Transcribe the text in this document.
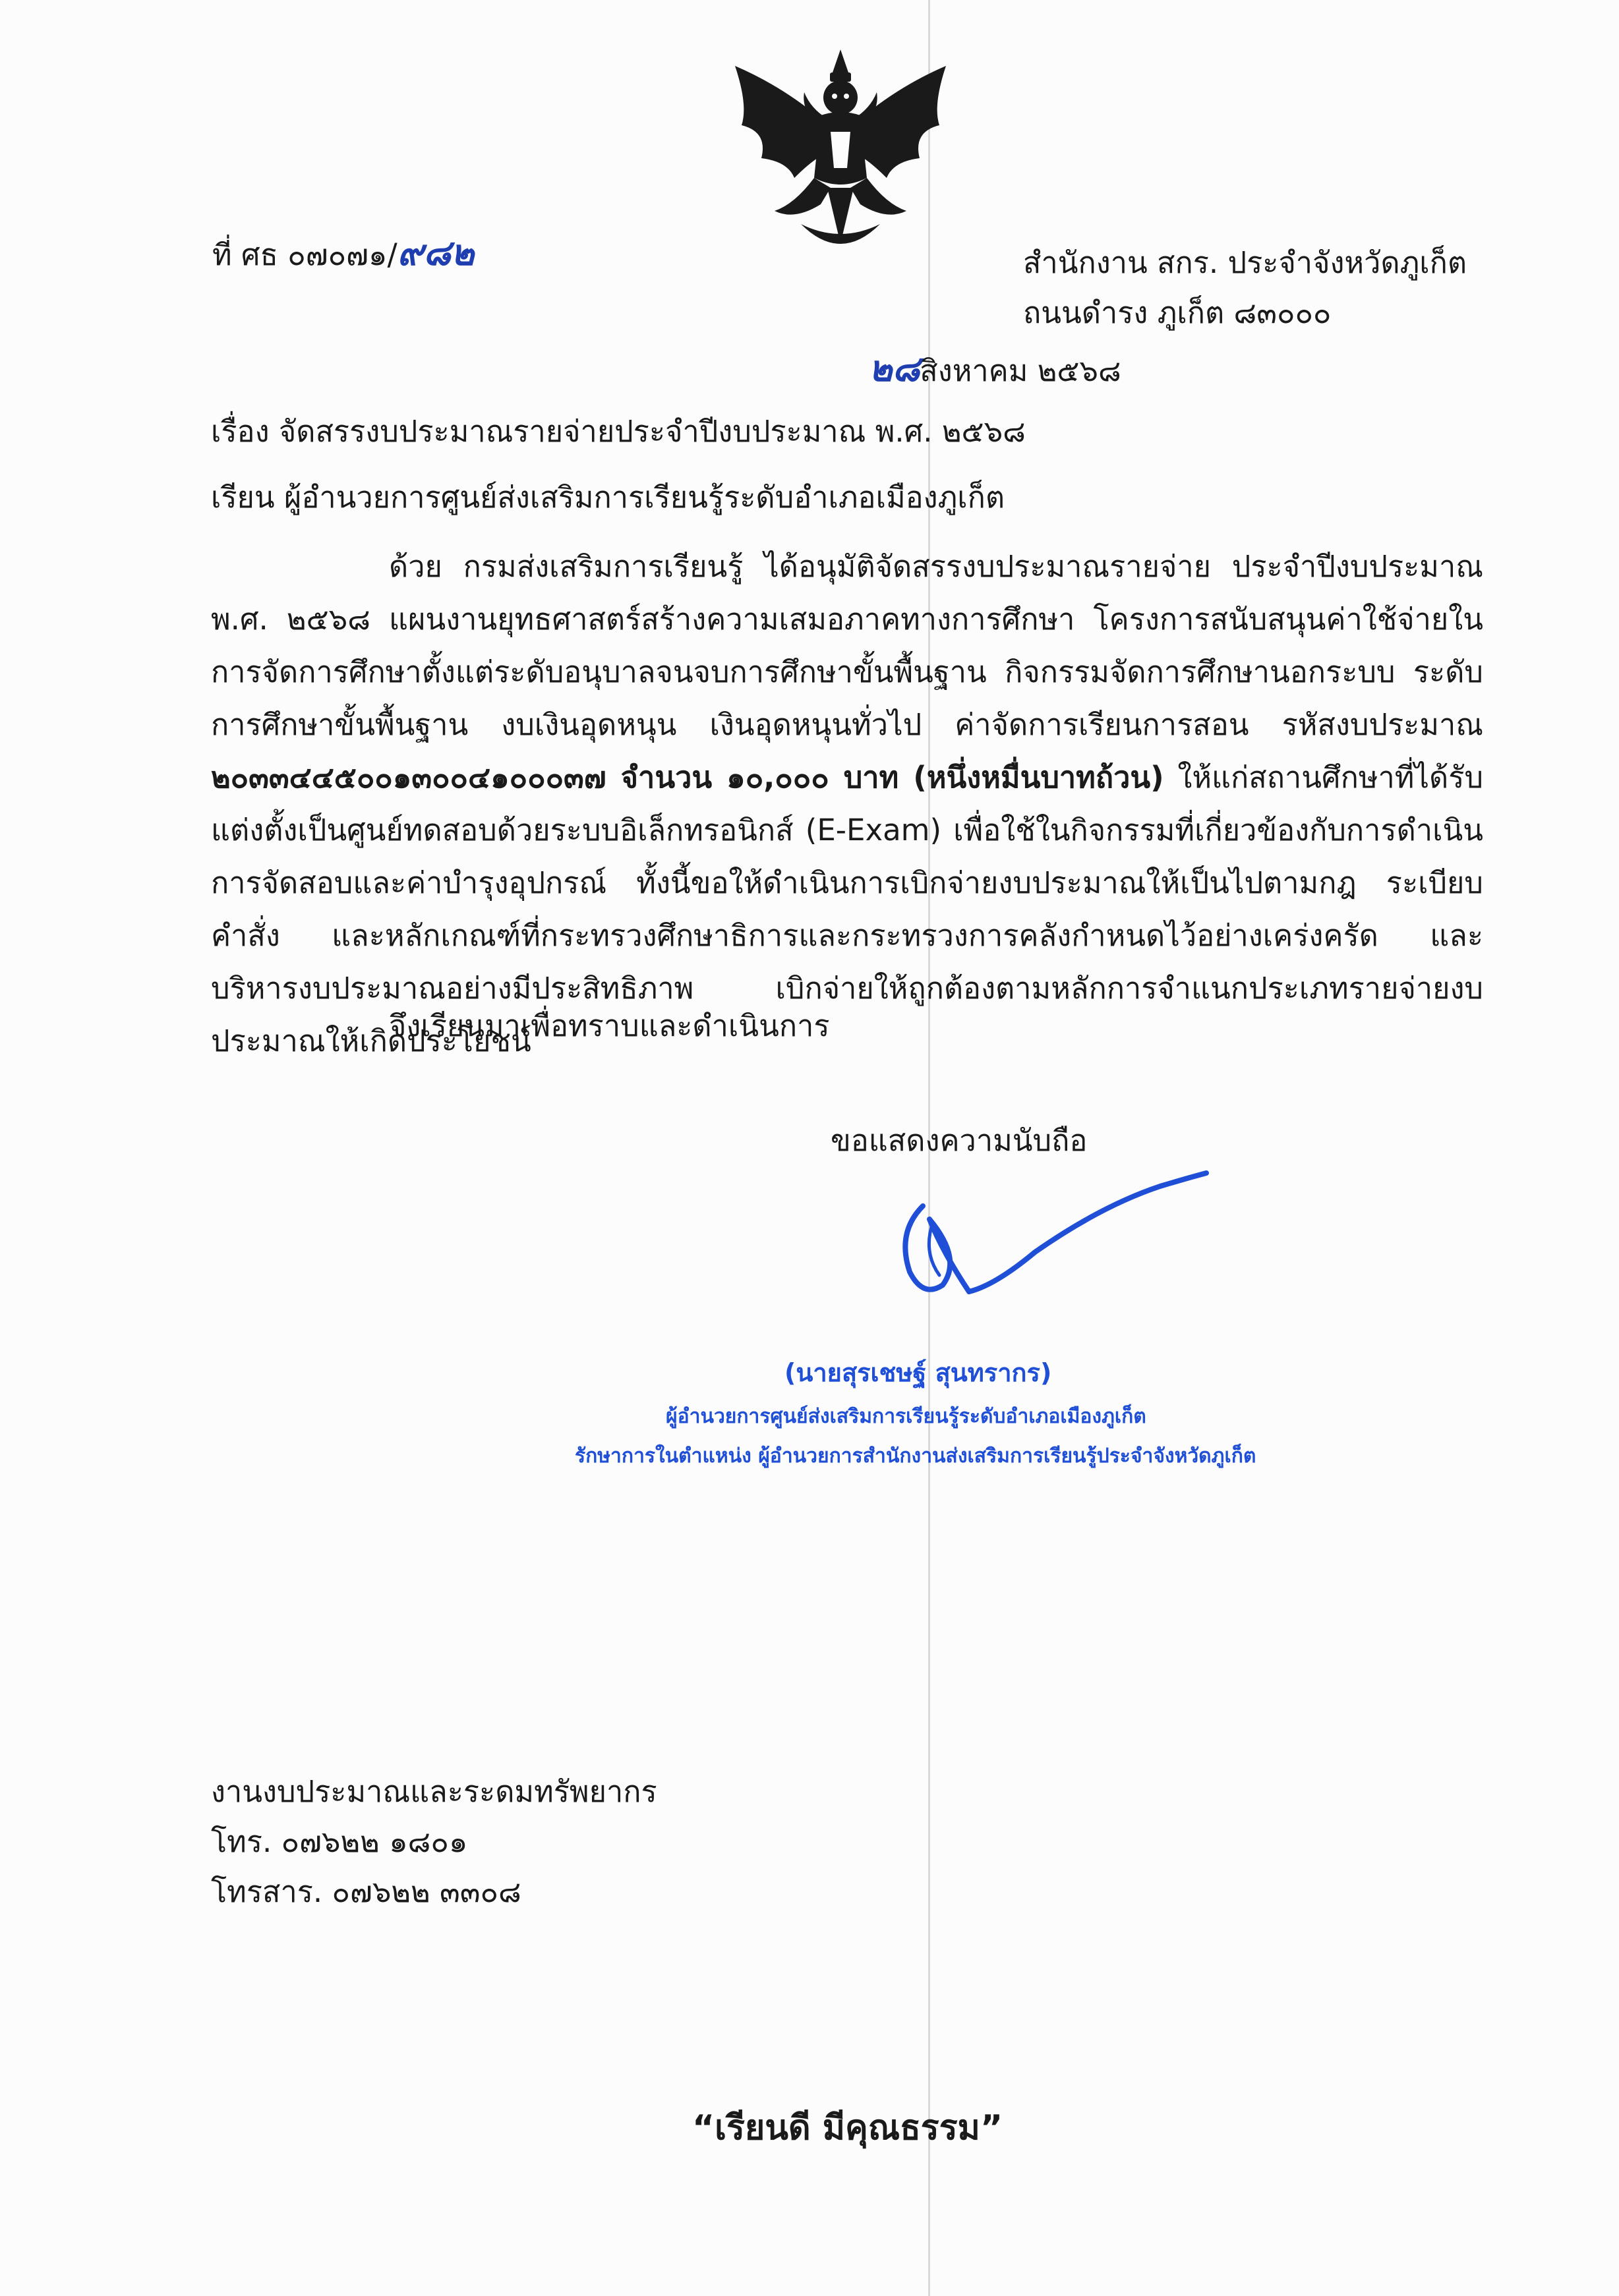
ที่ ศธ ๐๗๐๗๑/๙๘๒	สำนักงาน สกร. ประจำจังหวัดภูเก็ต
ถนนดำรง ภูเก็ต ๘๓๐๐๐
๒๘สิงหาคม ๒๕๖๘
เรื่อง จัดสรรงบประมาณรายจ่ายประจำปีงบประมาณ พ.ศ. ๒๕๖๘
เรียน ผู้อำนวยการศูนย์ส่งเสริมการเรียนรู้ระดับอำเภอเมืองภูเก็ต
ด้วย กรมส่งเสริมการเรียนรู้ ได้อนุมัติจัดสรรงบประมาณรายจ่าย ประจำปีงบประมาณ พ.ศ. ๒๕๖๘ แผนงานยุทธศาสตร์สร้างความเสมอภาคทางการศึกษา โครงการสนับสนุนค่าใช้จ่ายในการจัดการศึกษาตั้งแต่ระดับอนุบาลจนจบการศึกษาขั้นพื้นฐาน กิจกรรมจัดการศึกษานอกระบบ ระดับการศึกษาขั้นพื้นฐาน งบเงินอุดหนุน เงินอุดหนุนทั่วไป ค่าจัดการเรียนการสอน รหัสงบประมาณ ๒๐๓๓๔๔๕๐๐๑๓๐๐๔๑๐๐๐๓๗ จำนวน ๑๐,๐๐๐ บาท (หนึ่งหมื่นบาทถ้วน) ให้แก่สถานศึกษาที่ได้รับแต่งตั้งเป็นศูนย์ทดสอบด้วยระบบอิเล็กทรอนิกส์ (E-Exam) เพื่อใช้ในกิจกรรมที่เกี่ยวข้องกับการดำเนินการจัดสอบและค่าบำรุงอุปกรณ์ ทั้งนี้ขอให้ดำเนินการเบิกจ่ายงบประมาณให้เป็นไปตามกฎ ระเบียบ คำสั่ง และหลักเกณฑ์ที่กระทรวงศึกษาธิการและกระทรวงการคลังกำหนดไว้อย่างเคร่งครัด และบริหารงบประมาณอย่างมีประสิทธิภาพ เบิกจ่ายให้ถูกต้องตามหลักการจำแนกประเภทรายจ่ายงบประมาณให้เกิดประโยชน์
จึงเรียนมาเพื่อทราบและดำเนินการ
ขอแสดงความนับถือ
(นายสุรเชษฐ์ สุนทรากร)
ผู้อำนวยการศูนย์ส่งเสริมการเรียนรู้ระดับอำเภอเมืองภูเก็ต
รักษาการในตำแหน่ง ผู้อำนวยการสำนักงานส่งเสริมการเรียนรู้ประจำจังหวัดภูเก็ต
งานงบประมาณและระดมทรัพยากร
โทร. ๐๗๖๒๒ ๑๘๐๑
โทรสาร. ๐๗๖๒๒ ๓๓๐๘
“เรียนดี มีคุณธรรม”
